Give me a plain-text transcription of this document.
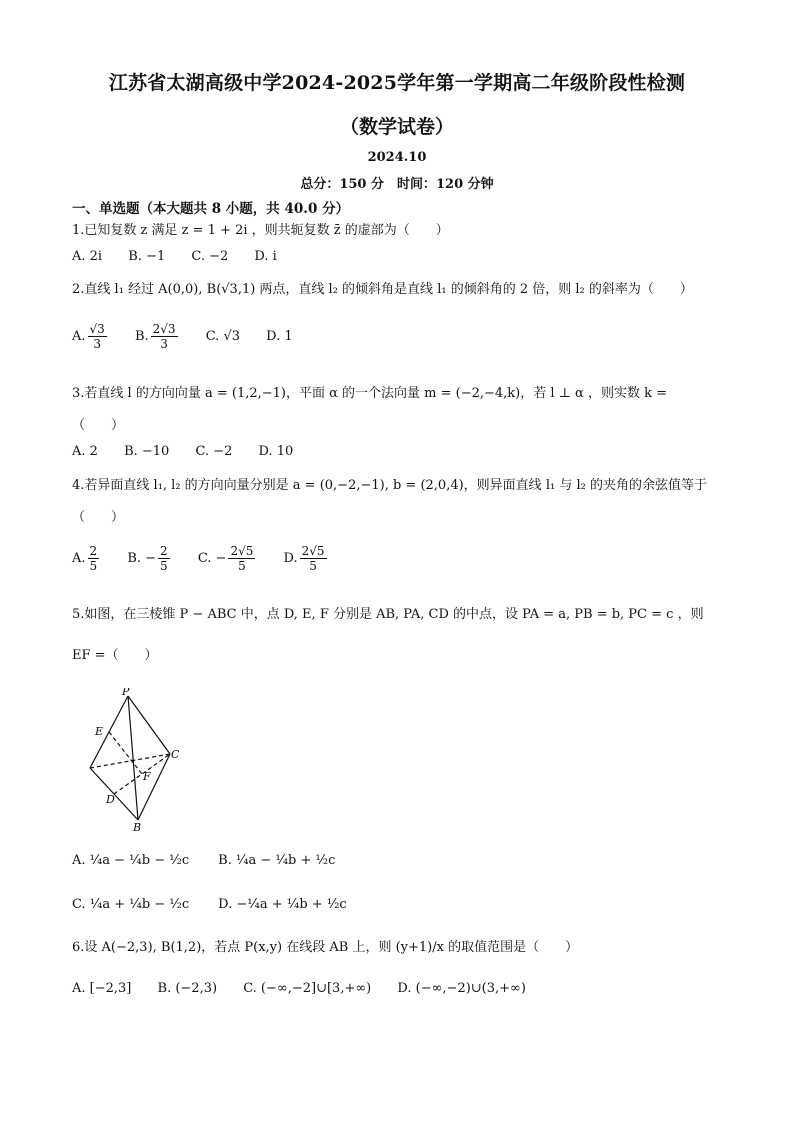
江苏省太湖高级中学2024-2025学年第一学期高二年级阶段性检测
（数学试卷）
2024.10
总分：150 分　时间：120 分钟
一、单选题（本大题共 8 小题，共 40.0 分）
1.已知复数 z 满足 z = 1 + 2i ，则共轭复数 z̄ 的虚部为（　　）
A. 2i B. −1 C. −2 D. i
2.直线 l₁ 经过 A(0,0), B(√3,1) 两点，直线 l₂ 的倾斜角是直线 l₁ 的倾斜角的 2 倍，则 l₂ 的斜率为（　　）
A. $\frac{√3}{3} B$. $\frac{2√3}{3} C$. √3 D. 1
3.若直线 l 的方向向量 a = (1,2,−1)，平面 α 的一个法向量 m = (−2,−4,k)，若 l ⊥ α ，则实数 k =
（　　）
A. 2 B. −10 C. −2 D. 10
4.若异面直线 l₁, l₂ 的方向向量分别是 a = (0,−2,−1), b = (2,0,4)，则异面直线 l₁ 与 l₂ 的夹角的余弦值等于
（　　）
A. $\frac{2}{5} B$. − $\frac{2}{5} C$. − $\frac{2√5}{5} D$. $\frac{2√5}{5}$
5.如图，在三棱锥 P − ABC 中，点 D, E, F 分别是 AB, PA, CD 的中点，设 PA = a, PB = b, PC = c ，则
EF =（　　）
P
E
C
F
D
B
A. ¹⁄₄a − ¹⁄₄b − ¹⁄₂c B. ¹⁄₄a − ¹⁄₄b + ¹⁄₂c
C. ¹⁄₄a + ¹⁄₄b − ¹⁄₂c D. −¹⁄₄a + ¹⁄₄b + ¹⁄₂c
6.设 A(−2,3), B(1,2)，若点 P(x,y) 在线段 AB 上，则 (y+1)/x 的取值范围是（　　）
A. [−2,3] B. (−2,3) C. (−∞,−2]∪[3,+∞) D. (−∞,−2)∪(3,+∞)
